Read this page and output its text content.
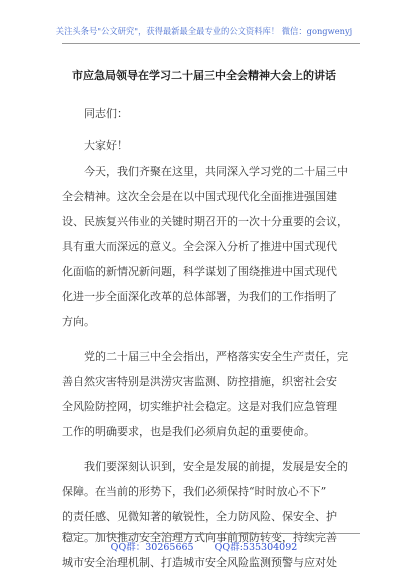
关注头条号"公文研究"，获得最新最全最专业的公文资料库！ 微信：gongwenyj
市应急局领导在学习二十届三中全会精神大会上的讲话
同志们：
大家好！
今天，我们齐聚在这里，共同深入学习党的二十届三中
全会精神。这次全会是在以中国式现代化全面推进强国建
设、民族复兴伟业的关键时期召开的一次十分重要的会议，
具有重大而深远的意义。全会深入分析了推进中国式现代
化面临的新情况新问题，科学谋划了围绕推进中国式现代
化进一步全面深化改革的总体部署，为我们的工作指明了
方向。
党的二十届三中全会指出，严格落实安全生产责任，完
善自然灾害特别是洪涝灾害监测、防控措施，织密社会安
全风险防控网，切实维护社会稳定。这是对我们应急管理
工作的明确要求，也是我们必须肩负起的重要使命。
我们要深刻认识到，安全是发展的前提，发展是安全的
保障。在当前的形势下，我们必须保持“时时放心不下”
的责任感、见微知著的敏锐性，全力防风险、保安全、护
稳定。加快推动安全治理方式向事前预防转变，持续完善
城市安全治理机制、打造城市安全风险监测预警与应对处
QQ群：30265665 QQ群:535304092
